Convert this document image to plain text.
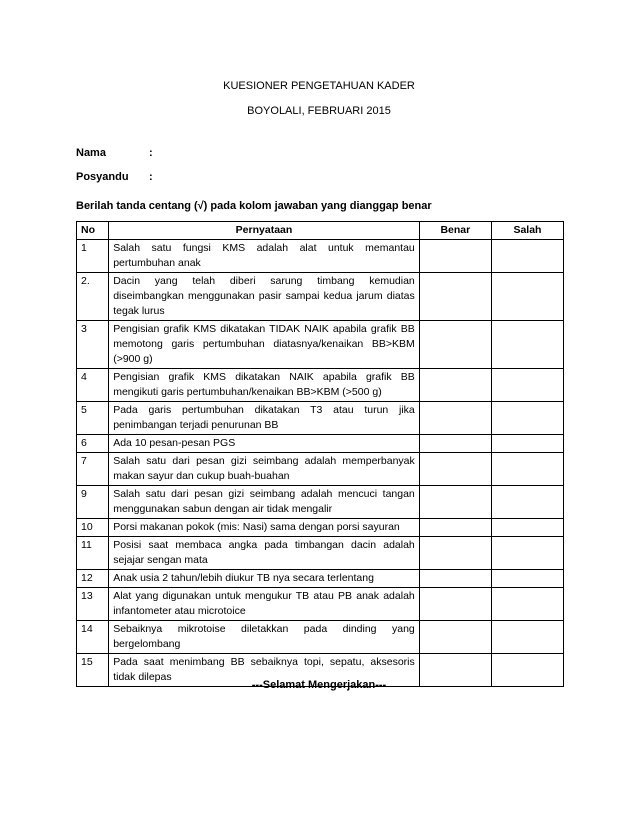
KUESIONER PENGETAHUAN KADER
BOYOLALI, FEBRUARI 2015
Nama	:
Posyandu :
Berilah tanda centang (√) pada kolom jawaban yang dianggap benar
No	Pernyataan	Benar	Salah
1	Salah satu fungsi KMS adalah alat untuk memantau pertumbuhan anak		
2.	Dacin yang telah diberi sarung timbang kemudian diseimbangkan menggunakan pasir sampai kedua jarum diatas tegak lurus		
3	Pengisian grafik KMS dikatakan TIDAK NAIK apabila grafik BB memotong garis pertumbuhan diatasnya/kenaikan BB>KBM (>900 g)		
4	Pengisian grafik KMS dikatakan NAIK apabila grafik BB mengikuti garis pertumbuhan/kenaikan BB>KBM (>500 g)		
5	Pada garis pertumbuhan dikatakan T3 atau turun jika penimbangan terjadi penurunan BB		
6	Ada 10 pesan-pesan PGS		
7	Salah satu dari pesan gizi seimbang adalah memperbanyak makan sayur dan cukup buah-buahan		
9	Salah satu dari pesan gizi seimbang adalah mencuci tangan menggunakan sabun dengan air tidak mengalir		
10	Porsi makanan pokok (mis: Nasi) sama dengan porsi sayuran		
11	Posisi saat membaca angka pada timbangan dacin adalah sejajar sengan mata		
12	Anak usia 2 tahun/lebih diukur TB nya secara terlentang		
13	Alat yang digunakan untuk mengukur TB atau PB anak adalah infantometer atau microtoice		
14	Sebaiknya mikrotoise diletakkan pada dinding yang bergelombang		
15	Pada saat menimbang BB sebaiknya topi, sepatu, aksesoris tidak dilepas		
---Selamat Mengerjakan---
